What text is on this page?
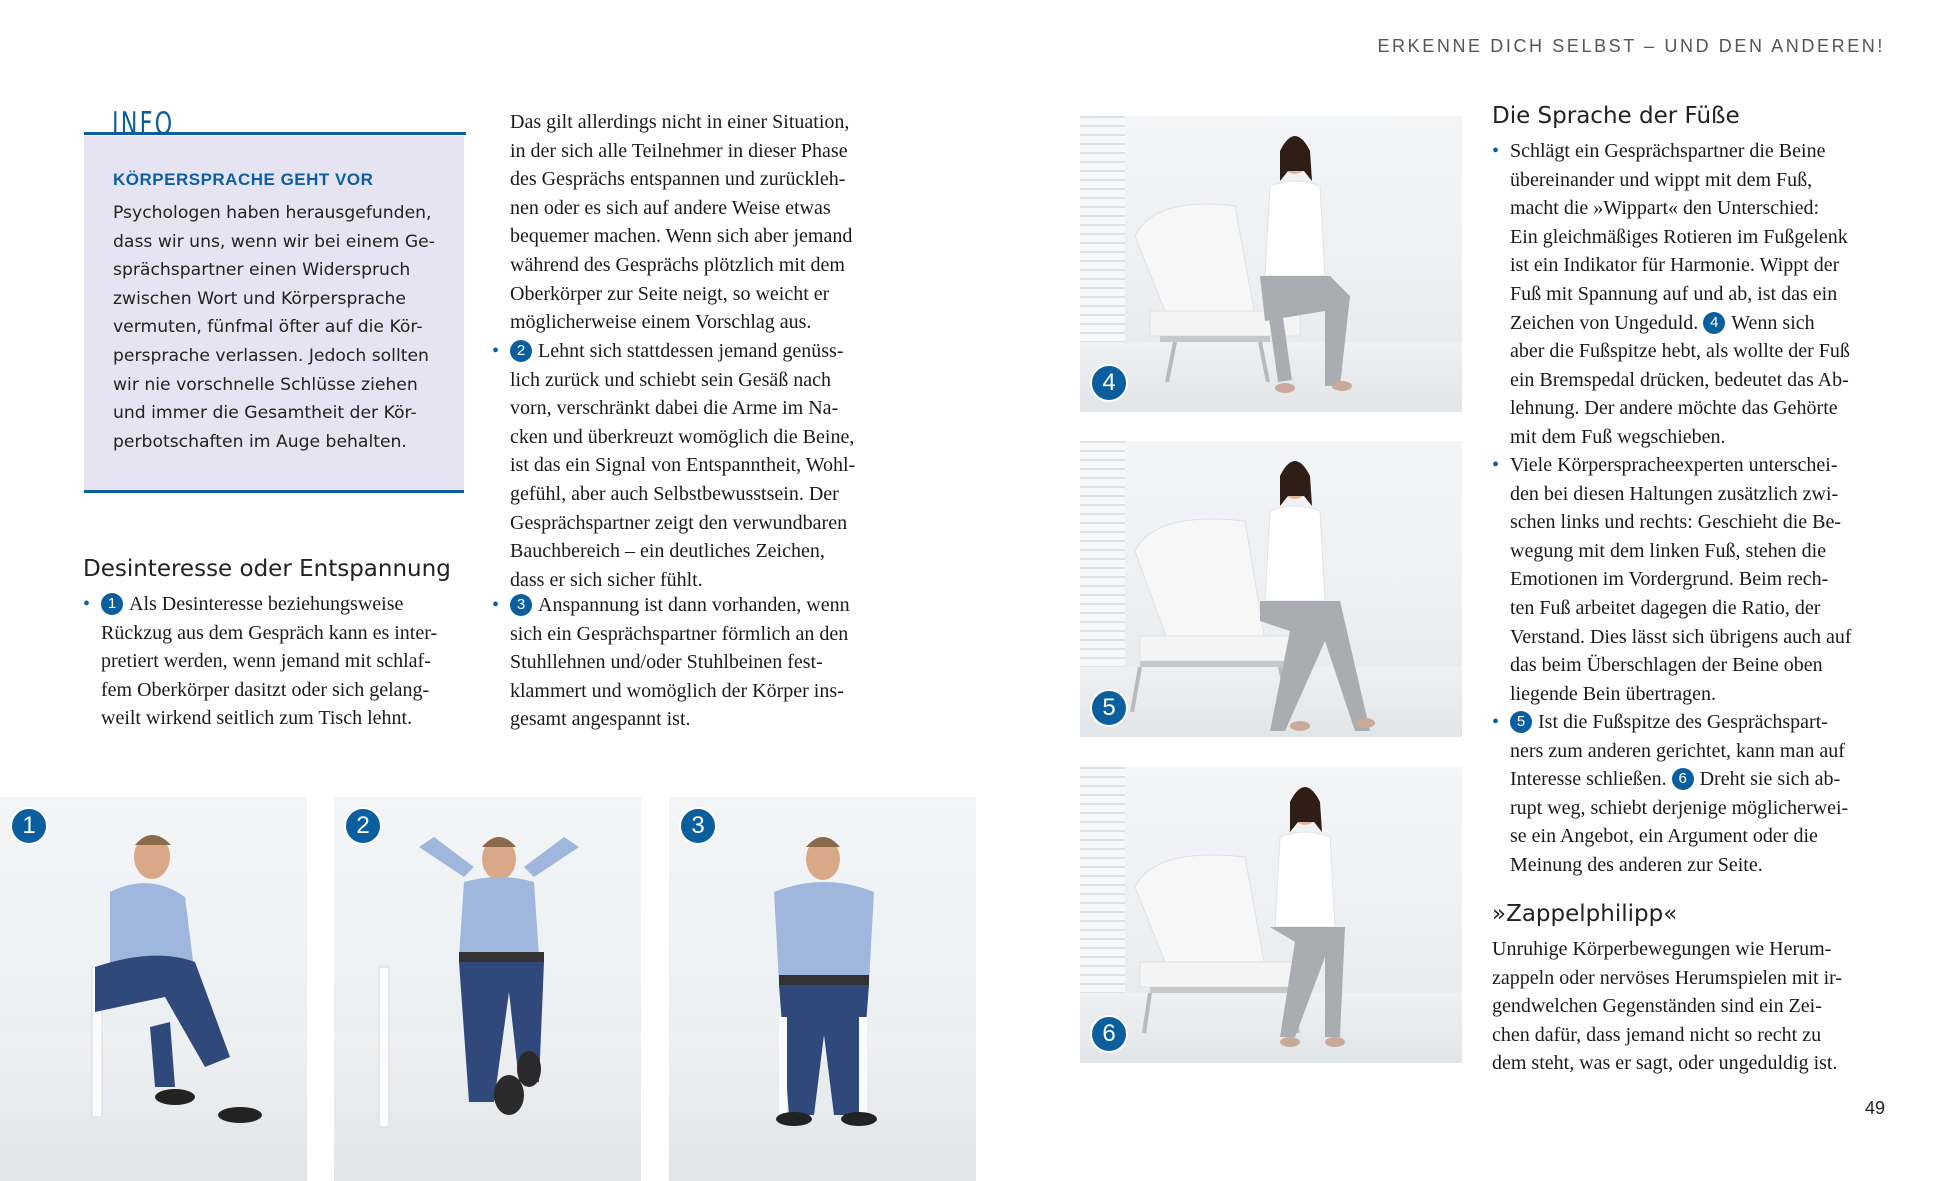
ERKENNE DICH SELBST – UND DEN ANDEREN!
INFO
KÖRPERSPRACHE GEHT VOR
Psychologen haben herausgefunden,
dass wir uns, wenn wir bei einem Ge-
sprächspartner einen Widerspruch
zwischen Wort und Körpersprache
vermuten, fünfmal öfter auf die Kör-
persprache verlassen. Jedoch sollten
wir nie vorschnelle Schlüsse ziehen
und immer die Gesamtheit der Kör-
perbotschaften im Auge behalten.
Desinteresse oder Entspannung
•	1 Als Desinteresse beziehungsweise
Rückzug aus dem Gespräch kann es inter-
pretiert werden, wenn jemand mit schlaf-
fem Oberkörper dasitzt oder sich gelang-
weilt wirkend seitlich zum Tisch lehnt.
Das gilt allerdings nicht in einer Situation,
in der sich alle Teilnehmer in dieser Phase
des Gesprächs entspannen und zurückleh-
nen oder es sich auf andere Weise etwas
bequemer machen. Wenn sich aber jemand
während des Gesprächs plötzlich mit dem
Oberkörper zur Seite neigt, so weicht er
möglicherweise einem Vorschlag aus.
•	2 Lehnt sich stattdessen jemand genüss-
lich zurück und schiebt sein Gesäß nach
vorn, verschränkt dabei die Arme im Na-
cken und überkreuzt womöglich die Beine,
ist das ein Signal von Entspanntheit, Wohl-
gefühl, aber auch Selbstbewusstsein. Der
Gesprächspartner zeigt den verwundbaren
Bauchbereich – ein deutliches Zeichen,
dass er sich sicher fühlt.
•	3 Anspannung ist dann vorhanden, wenn
sich ein Gesprächspartner förmlich an den
Stuhllehnen und/oder Stuhlbeinen fest-
klammert und womöglich der Körper ins-
gesamt angespannt ist.
1	2	3
4
5
6
Die Sprache der Füße
• Schlägt ein Gesprächspartner die Beine
übereinander und wippt mit dem Fuß,
macht die »Wippart« den Unterschied:
Ein gleichmäßiges Rotieren im Fußgelenk
ist ein Indikator für Harmonie. Wippt der
Fuß mit Spannung auf und ab, ist das ein
Zeichen von Ungeduld. 4 Wenn sich
aber die Fußspitze hebt, als wollte der Fuß
ein Bremspedal drücken, bedeutet das Ab-
lehnung. Der andere möchte das Gehörte
mit dem Fuß wegschieben.
• Viele Körperspracheexperten unterschei-
den bei diesen Haltungen zusätzlich zwi-
schen links und rechts: Geschieht die Be-
wegung mit dem linken Fuß, stehen die
Emotionen im Vordergrund. Beim rech-
ten Fuß arbeitet dagegen die Ratio, der
Verstand. Dies lässt sich übrigens auch auf
das beim Überschlagen der Beine oben
liegende Bein übertragen.
•	5 Ist die Fußspitze des Gesprächspart-
ners zum anderen gerichtet, kann man auf
Interesse schließen. 6 Dreht sie sich ab-
rupt weg, schiebt derjenige möglicherwei-
se ein Angebot, ein Argument oder die
Meinung des anderen zur Seite.
»Zappelphilipp«
Unruhige Körperbewegungen wie Herum-
zappeln oder nervöses Herumspielen mit ir-
gendwelchen Gegenständen sind ein Zei-
chen dafür, dass jemand nicht so recht zu
dem steht, was er sagt, oder ungeduldig ist.
49
